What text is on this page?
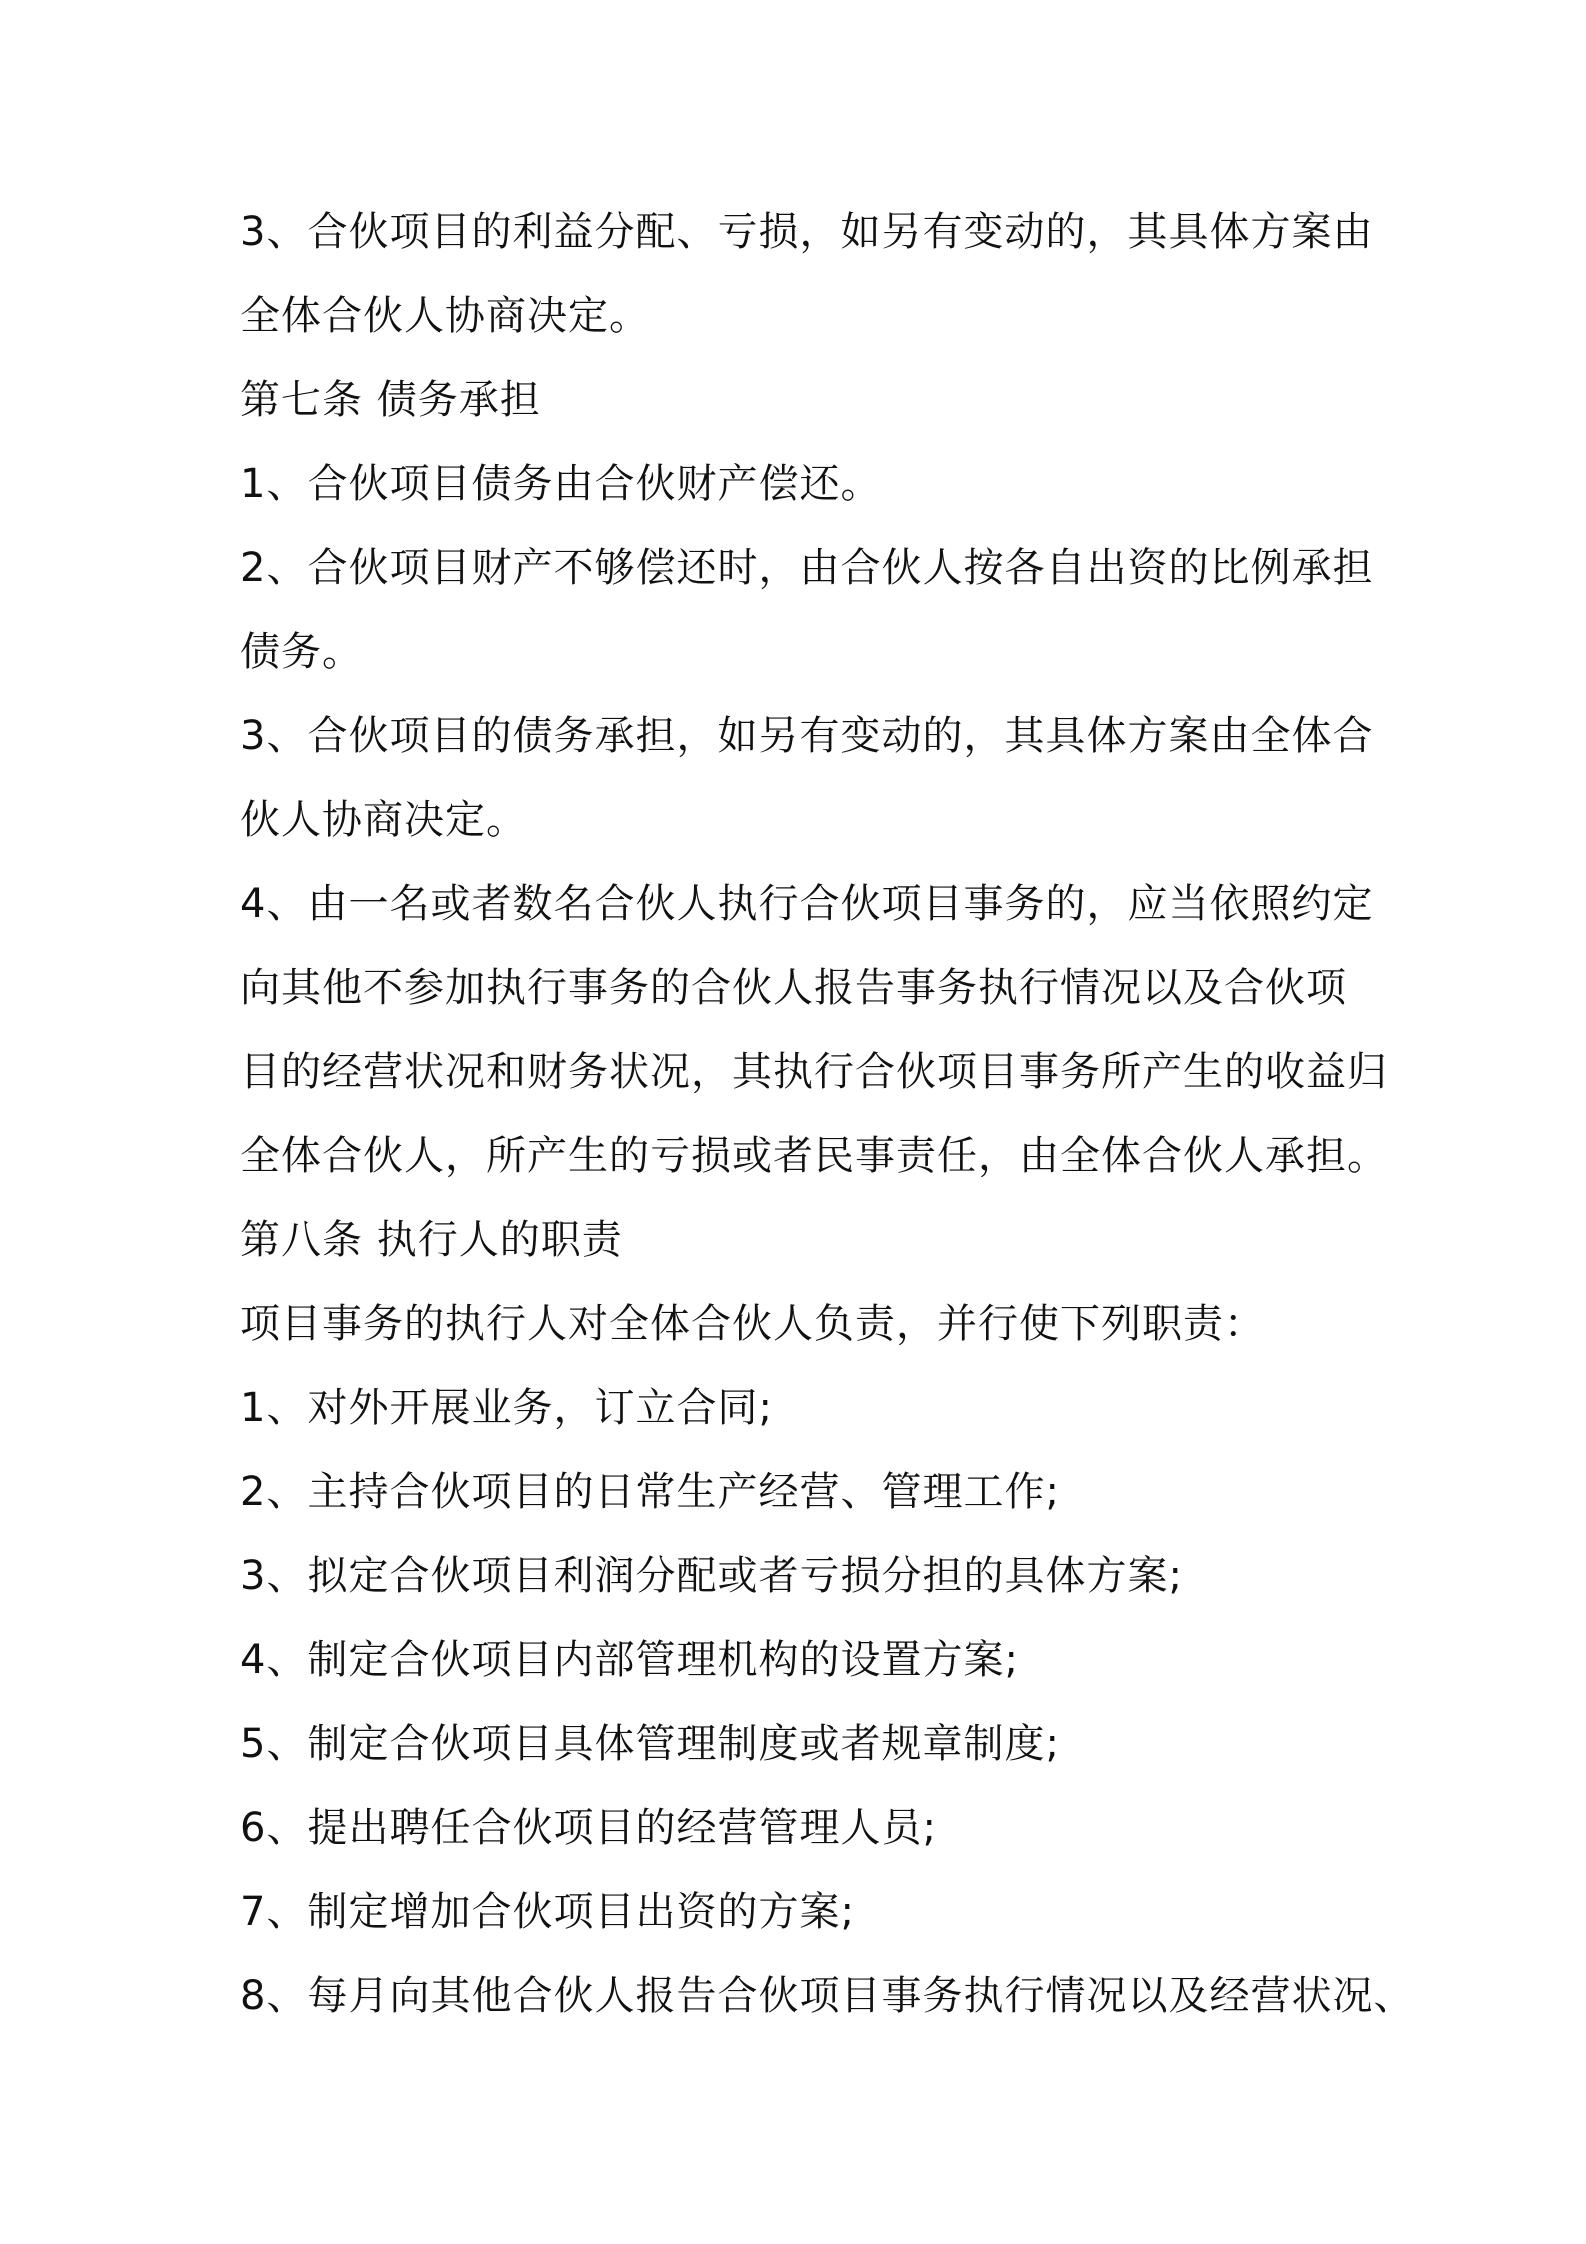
3、合伙项目的利益分配、亏损，如另有变动的，其具体方案由
全体合伙人协商决定。
第七条 债务承担
1、合伙项目债务由合伙财产偿还。
2、合伙项目财产不够偿还时，由合伙人按各自出资的比例承担
债务。
3、合伙项目的债务承担，如另有变动的，其具体方案由全体合
伙人协商决定。
4、由一名或者数名合伙人执行合伙项目事务的，应当依照约定
向其他不参加执行事务的合伙人报告事务执行情况以及合伙项
目的经营状况和财务状况，其执行合伙项目事务所产生的收益归
全体合伙人，所产生的亏损或者民事责任，由全体合伙人承担。
第八条 执行人的职责
项目事务的执行人对全体合伙人负责，并行使下列职责：
1、对外开展业务，订立合同;
2、主持合伙项目的日常生产经营、管理工作;
3、拟定合伙项目利润分配或者亏损分担的具体方案;
4、制定合伙项目内部管理机构的设置方案;
5、制定合伙项目具体管理制度或者规章制度;
6、提出聘任合伙项目的经营管理人员;
7、制定增加合伙项目出资的方案;
8、每月向其他合伙人报告合伙项目事务执行情况以及经营状况、
